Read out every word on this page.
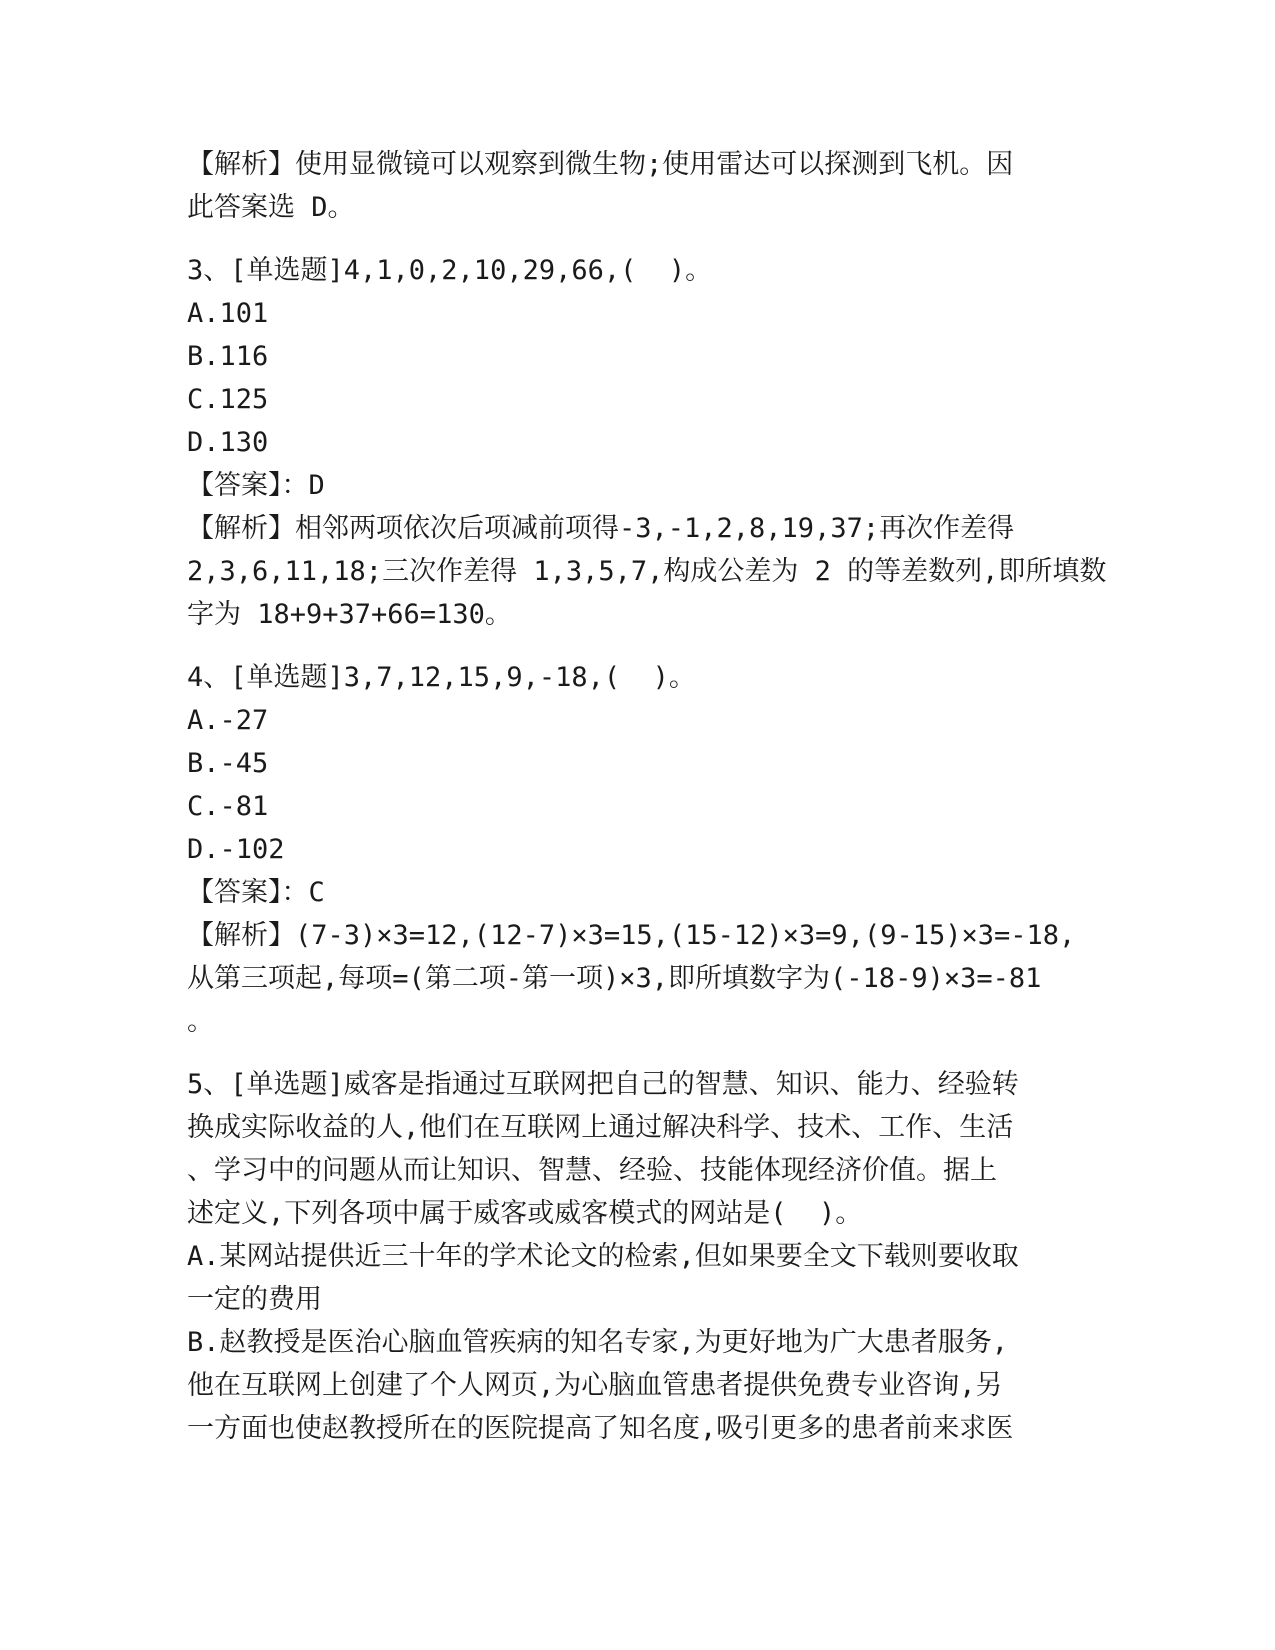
【解析】使用显微镜可以观察到微生物;使用雷达可以探测到飞机。因
此答案选 D。
3、[单选题]4,1,0,2,10,29,66,(  )。
A.101
B.116
C.125
D.130
【答案】：D
【解析】相邻两项依次后项减前项得-3,-1,2,8,19,37;再次作差得
2,3,6,11,18;三次作差得 1,3,5,7,构成公差为 2 的等差数列,即所填数
字为 18+9+37+66=130。
4、[单选题]3,7,12,15,9,-18,(  )。
A.-27
B.-45
C.-81
D.-102
【答案】：C
【解析】(7-3)×3=12,(12-7)×3=15,(15-12)×3=9,(9-15)×3=-18,
从第三项起,每项=(第二项-第一项)×3,即所填数字为(-18-9)×3=-81
。
5、[单选题]威客是指通过互联网把自己的智慧、知识、能力、经验转
换成实际收益的人,他们在互联网上通过解决科学、技术、工作、生活
、学习中的问题从而让知识、智慧、经验、技能体现经济价值。据上
述定义,下列各项中属于威客或威客模式的网站是(  )。
A.某网站提供近三十年的学术论文的检索,但如果要全文下载则要收取
一定的费用
B.赵教授是医治心脑血管疾病的知名专家,为更好地为广大患者服务,
他在互联网上创建了个人网页,为心脑血管患者提供免费专业咨询,另
一方面也使赵教授所在的医院提高了知名度,吸引更多的患者前来求医
